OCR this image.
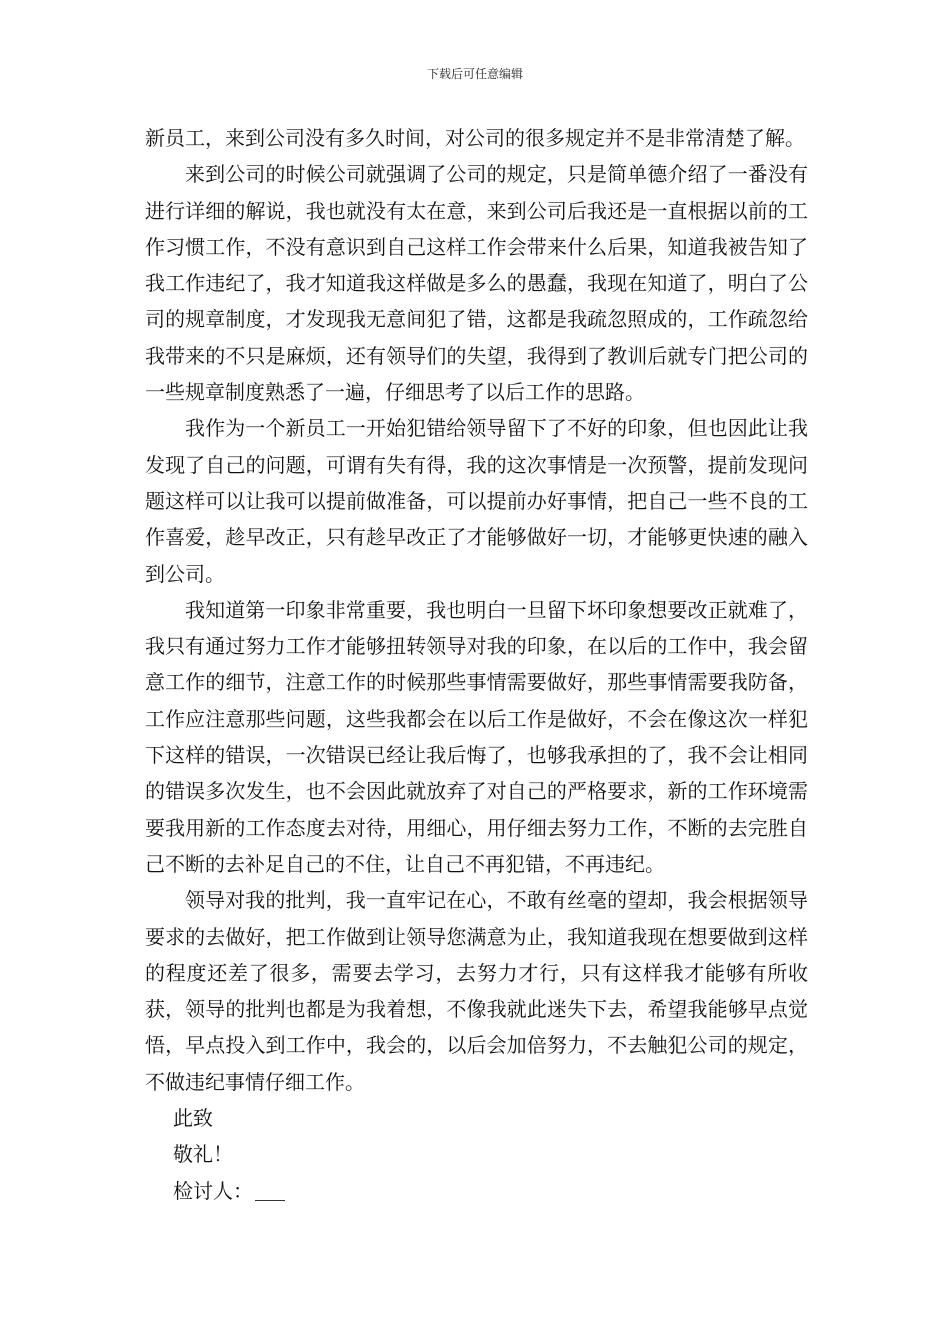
下载后可任意编辑

新员工，来到公司没有多久时间，对公司的很多规定并不是非常清楚了解。

来到公司的时候公司就强调了公司的规定，只是简单德介绍了一番没有进行详细的解说，我也就没有太在意，来到公司后我还是一直根据以前的工作习惯工作，不没有意识到自己这样工作会带来什么后果，知道我被告知了我工作违纪了，我才知道我这样做是多么的愚蠢，我现在知道了，明白了公司的规章制度，才发现我无意间犯了错，这都是我疏忽照成的，工作疏忽给我带来的不只是麻烦，还有领导们的失望，我得到了教训后就专门把公司的一些规章制度熟悉了一遍，仔细思考了以后工作的思路。

我作为一个新员工一开始犯错给领导留下了不好的印象，但也因此让我发现了自己的问题，可谓有失有得，我的这次事情是一次预警，提前发现问题这样可以让我可以提前做准备，可以提前办好事情，把自己一些不良的工作喜爱，趁早改正，只有趁早改正了才能够做好一切，才能够更快速的融入到公司。

我知道第一印象非常重要，我也明白一旦留下坏印象想要改正就难了，我只有通过努力工作才能够扭转领导对我的印象，在以后的工作中，我会留意工作的细节，注意工作的时候那些事情需要做好，那些事情需要我防备，工作应注意那些问题，这些我都会在以后工作是做好，不会在像这次一样犯下这样的错误，一次错误已经让我后悔了，也够我承担的了，我不会让相同的错误多次发生，也不会因此就放弃了对自己的严格要求，新的工作环境需要我用新的工作态度去对待，用细心，用仔细去努力工作，不断的去完胜自己不断的去补足自己的不住，让自己不再犯错，不再违纪。

领导对我的批判，我一直牢记在心，不敢有丝毫的望却，我会根据领导要求的去做好，把工作做到让领导您满意为止，我知道我现在想要做到这样的程度还差了很多，需要去学习，去努力才行，只有这样我才能够有所收获，领导的批判也都是为我着想，不像我就此迷失下去，希望我能够早点觉悟，早点投入到工作中，我会的，以后会加倍努力，不去触犯公司的规定，不做违纪事情仔细工作。

此致

敬礼！

检讨人：
